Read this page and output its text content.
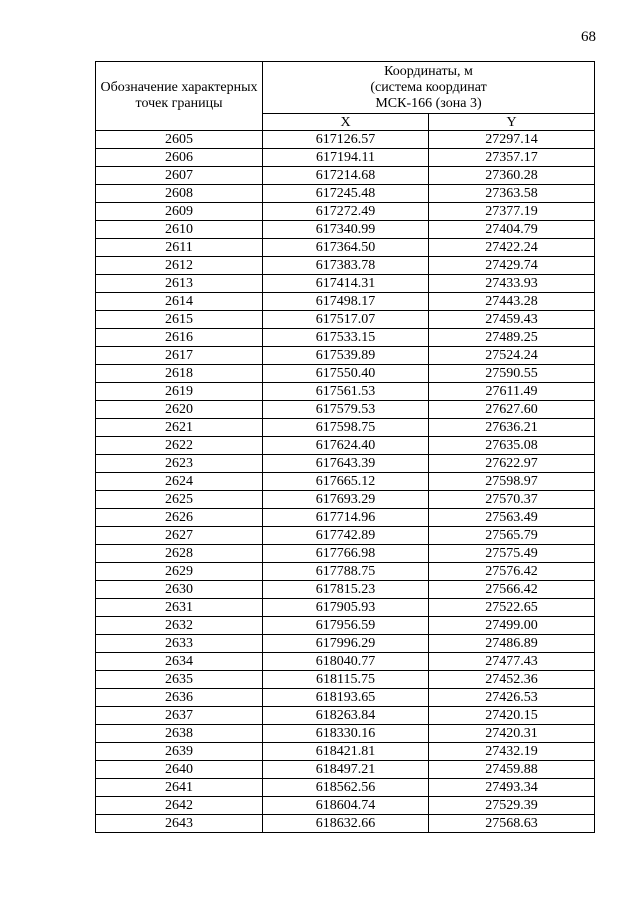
68
Обозначение характерных точек границы	Координаты, м
(система координат
МСК-166 (зона 3)	

	X	Y
2605	617126.57	27297.14
2606	617194.11	27357.17
2607	617214.68	27360.28
2608	617245.48	27363.58
2609	617272.49	27377.19
2610	617340.99	27404.79
2611	617364.50	27422.24
2612	617383.78	27429.74
2613	617414.31	27433.93
2614	617498.17	27443.28
2615	617517.07	27459.43
2616	617533.15	27489.25
2617	617539.89	27524.24
2618	617550.40	27590.55
2619	617561.53	27611.49
2620	617579.53	27627.60
2621	617598.75	27636.21
2622	617624.40	27635.08
2623	617643.39	27622.97
2624	617665.12	27598.97
2625	617693.29	27570.37
2626	617714.96	27563.49
2627	617742.89	27565.79
2628	617766.98	27575.49
2629	617788.75	27576.42
2630	617815.23	27566.42
2631	617905.93	27522.65
2632	617956.59	27499.00
2633	617996.29	27486.89
2634	618040.77	27477.43
2635	618115.75	27452.36
2636	618193.65	27426.53
2637	618263.84	27420.15
2638	618330.16	27420.31
2639	618421.81	27432.19
2640	618497.21	27459.88
2641	618562.56	27493.34
2642	618604.74	27529.39
2643	618632.66	27568.63
